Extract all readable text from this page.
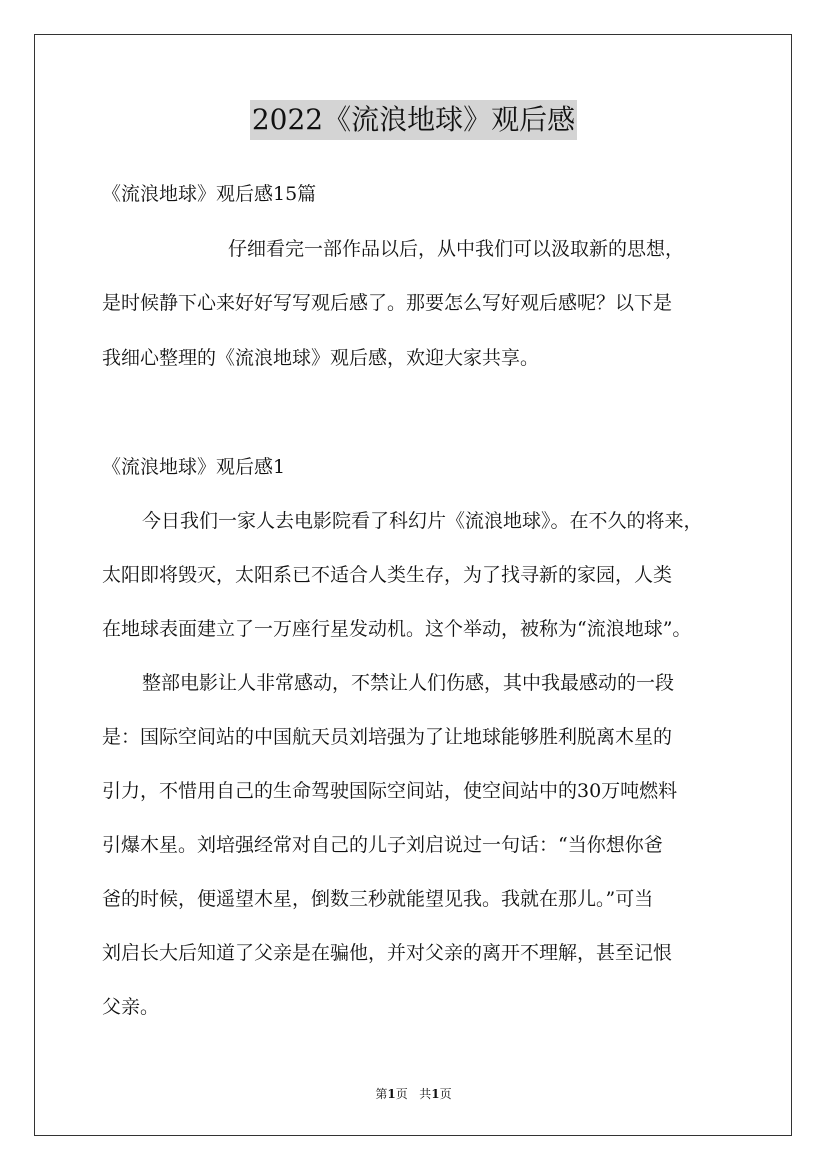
2022《流浪地球》观后感
《流浪地球》观后感15篇
仔细看完一部作品以后，从中我们可以汲取新的思想，
是时候静下心来好好写写观后感了。那要怎么写好观后感呢？以下是
我细心整理的《流浪地球》观后感，欢迎大家共享。
《流浪地球》观后感1
今日我们一家人去电影院看了科幻片《流浪地球》。在不久的将来，
太阳即将毁灭，太阳系已不适合人类生存，为了找寻新的家园，人类
在地球表面建立了一万座行星发动机。这个举动，被称为“流浪地球”。
整部电影让人非常感动，不禁让人们伤感，其中我最感动的一段
是：国际空间站的中国航天员刘培强为了让地球能够胜利脱离木星的
引力，不惜用自己的生命驾驶国际空间站，使空间站中的30万吨燃料
引爆木星。刘培强经常对自己的儿子刘启说过一句话：“当你想你爸
爸的时候，便遥望木星，倒数三秒就能望见我。我就在那儿。”可当
刘启长大后知道了父亲是在骗他，并对父亲的离开不理解，甚至记恨
父亲。
第1页 共1页
